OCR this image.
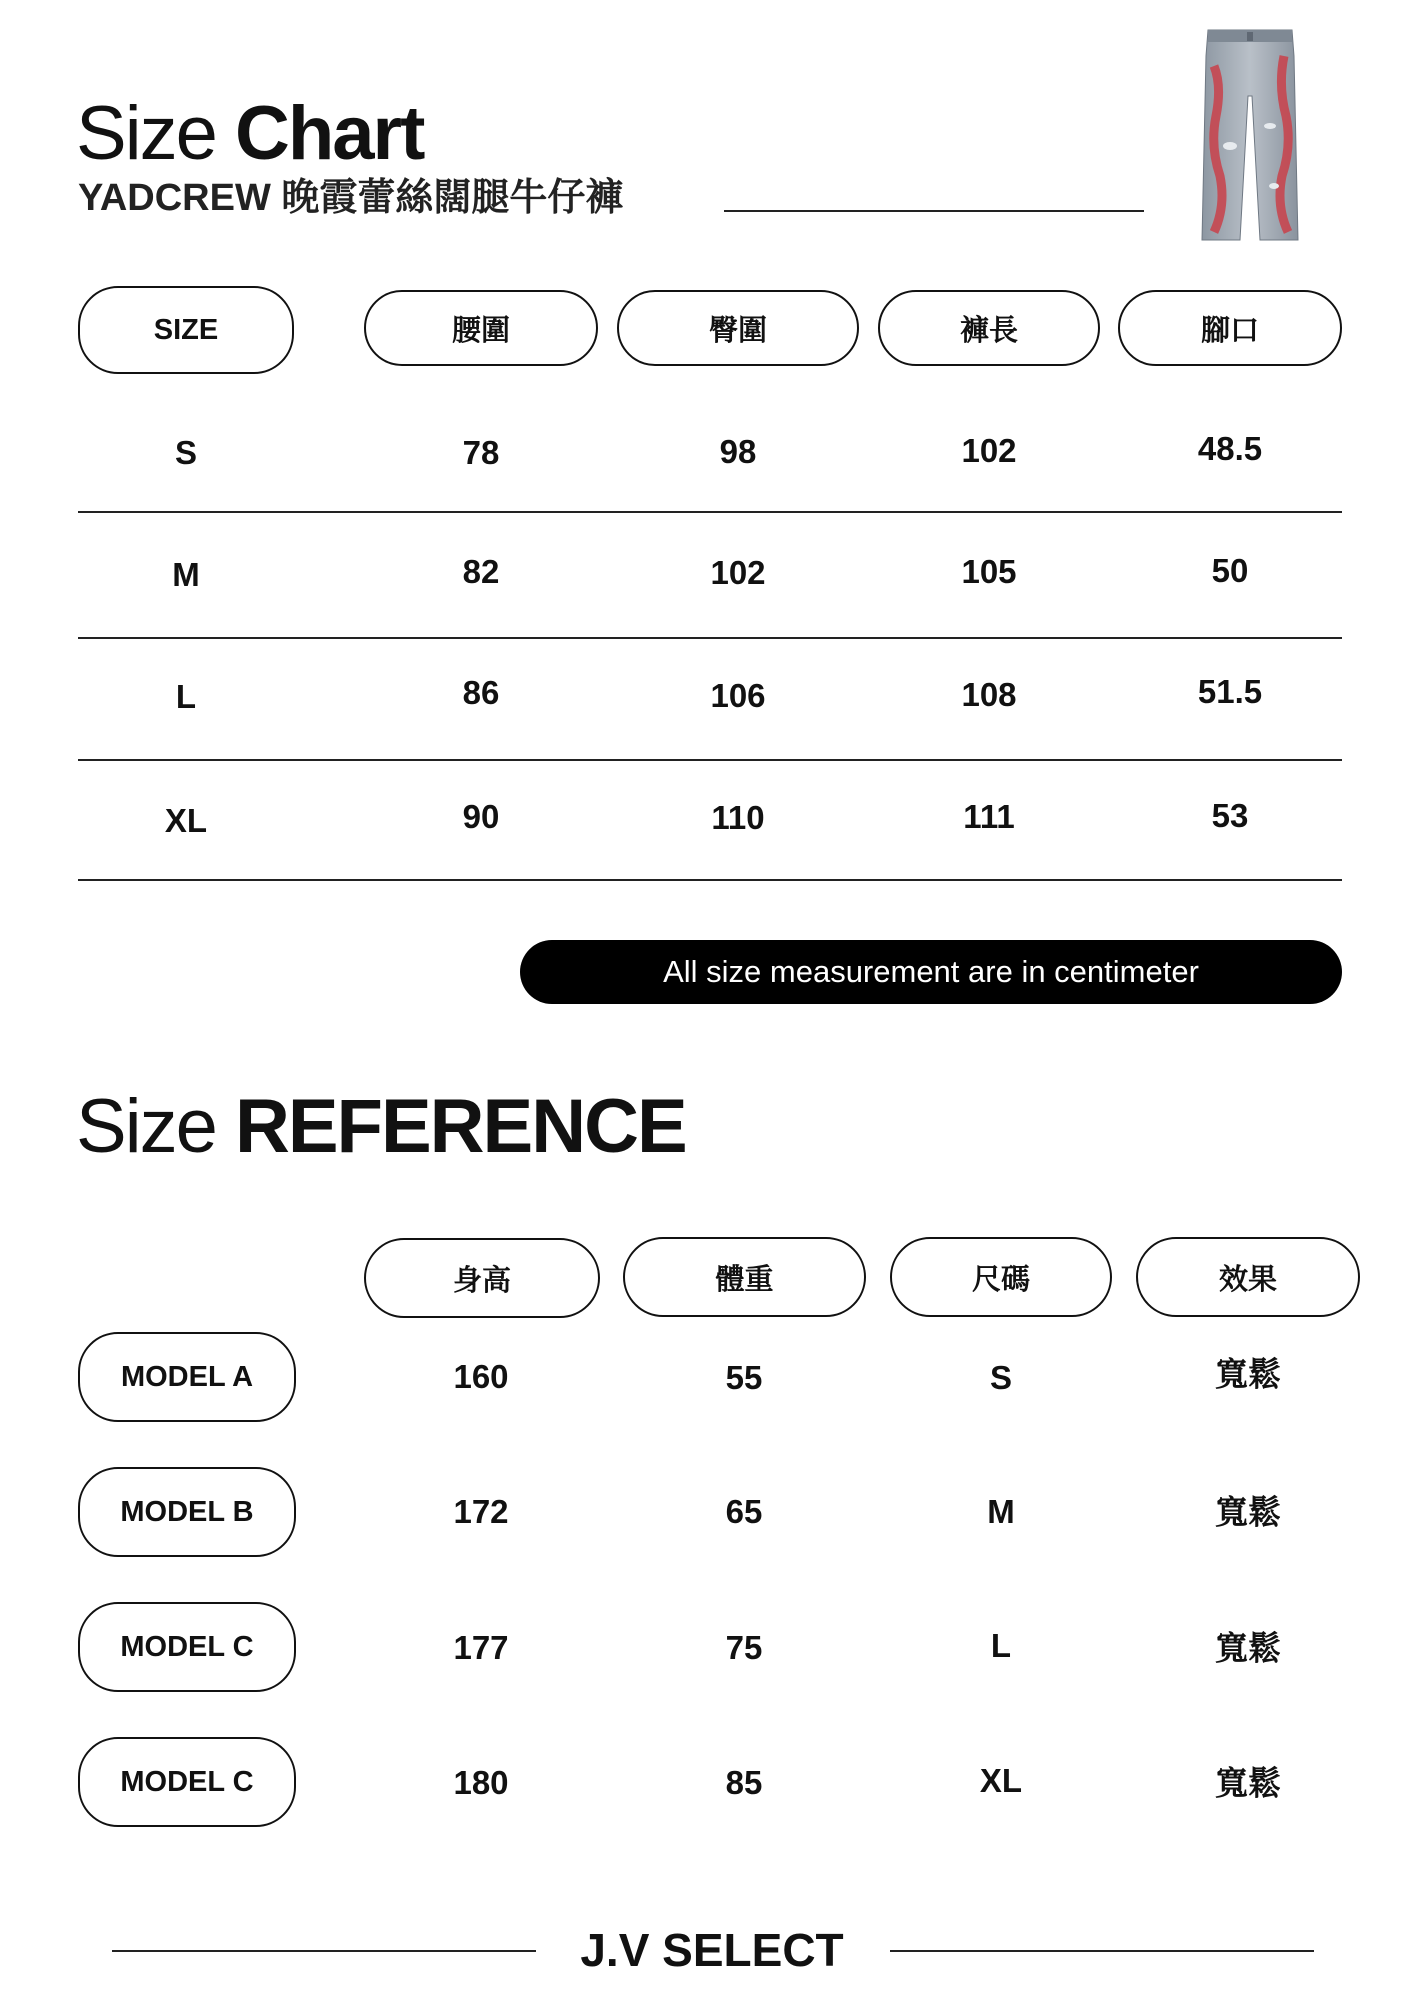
Size Chart
YADCREW 晚霞蕾絲闊腿牛仔褲
SIZE	腰圍	臀圍	褲長	腳口
S	78	98	102	48.5
M	82	102	105	50
L	86	106	108	51.5
XL	90	110	111	53
All size measurement are in centimeter
Size REFERENCE
身高	體重	尺碼	效果
MODEL A	160	55	S	寬鬆
MODEL B	172	65	M	寬鬆
MODEL C	177	75	L	寬鬆
MODEL C	180	85	XL	寬鬆
J.V SELECT
